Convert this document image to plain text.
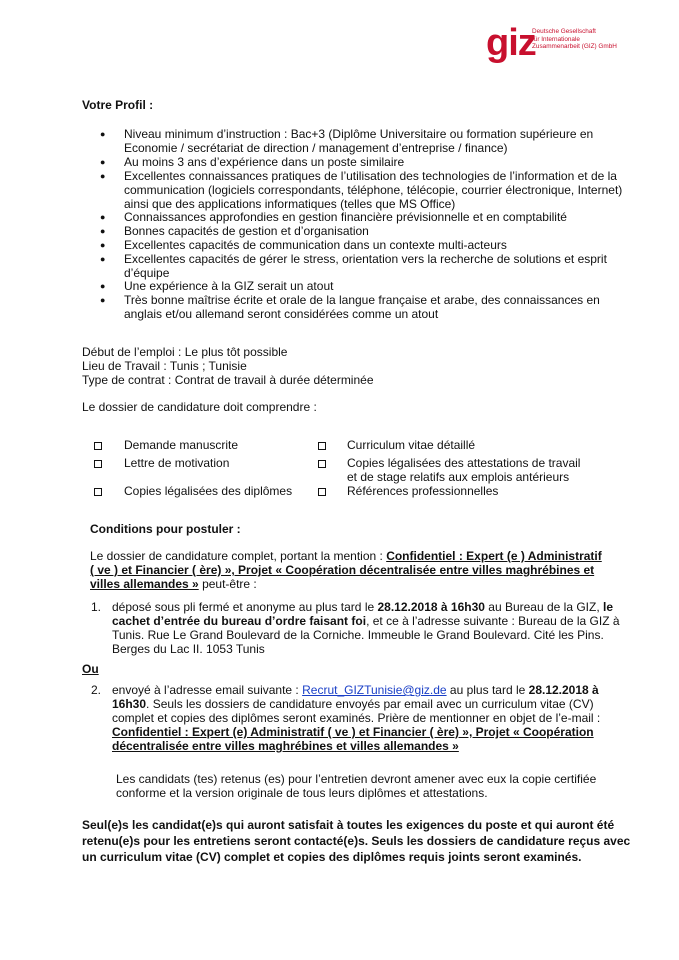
giz
Deutsche Gesellschaft
für Internationale
Zusammenarbeit (GIZ) GmbH
Votre Profil :
● Niveau minimum d’instruction : Bac+3 (Diplôme Universitaire ou formation supérieure en
Economie / secrétariat de direction / management d’entreprise / finance)
● Au moins 3 ans d’expérience dans un poste similaire
● Excellentes connaissances pratiques de l’utilisation des technologies de l’information et de la
communication (logiciels correspondants, téléphone, télécopie, courrier électronique, Internet)
ainsi que des applications informatiques (telles que MS Office)
● Connaissances approfondies en gestion financière prévisionnelle et en comptabilité
● Bonnes capacités de gestion et d’organisation
● Excellentes capacités de communication dans un contexte multi-acteurs
● Excellentes capacités de gérer le stress, orientation vers la recherche de solutions et esprit
d’équipe
● Une expérience à la GIZ serait un atout
● Très bonne maîtrise écrite et orale de la langue française et arabe, des connaissances en
anglais et/ou allemand seront considérées comme un atout
Début de l’emploi : Le plus tôt possible
Lieu de Travail : Tunis ; Tunisie
Type de contrat : Contrat de travail à durée déterminée
Le dossier de candidature doit comprendre :
Demande manuscrite
Lettre de motivation
Copies légalisées des diplômes
Curriculum vitae détaillé
Copies légalisées des attestations de travail
et de stage relatifs aux emplois antérieurs
Références professionnelles
Conditions pour postuler :
Le dossier de candidature complet, portant la mention : Confidentiel : Expert (e ) Administratif
( ve ) et Financier ( ère) », Projet « Coopération décentralisée entre villes maghrébines et
villes allemandes » peut-être :
1. déposé sous pli fermé et anonyme au plus tard le 28.12.2018 à 16h30 au Bureau de la GIZ, le
cachet d’entrée du bureau d’ordre faisant foi, et ce à l’adresse suivante : Bureau de la GIZ à
Tunis. Rue Le Grand Boulevard de la Corniche. Immeuble le Grand Boulevard. Cité les Pins.
Berges du Lac II. 1053 Tunis
Ou
2. envoyé à l’adresse email suivante : Recrut_GIZTunisie@giz.de au plus tard le 28.12.2018 à
16h30. Seuls les dossiers de candidature envoyés par email avec un curriculum vitae (CV)
complet et copies des diplômes seront examinés. Prière de mentionner en objet de l’e-mail :
Confidentiel : Expert (e) Administratif ( ve ) et Financier ( ère) », Projet « Coopération
décentralisée entre villes maghrébines et villes allemandes »
Les candidats (tes) retenus (es) pour l’entretien devront amener avec eux la copie certifiée
conforme et la version originale de tous leurs diplômes et attestations.
Seul(e)s les candidat(e)s qui auront satisfait à toutes les exigences du poste et qui auront été
retenu(e)s pour les entretiens seront contacté(e)s. Seuls les dossiers de candidature reçus avec
un curriculum vitae (CV) complet et copies des diplômes requis joints seront examinés.
